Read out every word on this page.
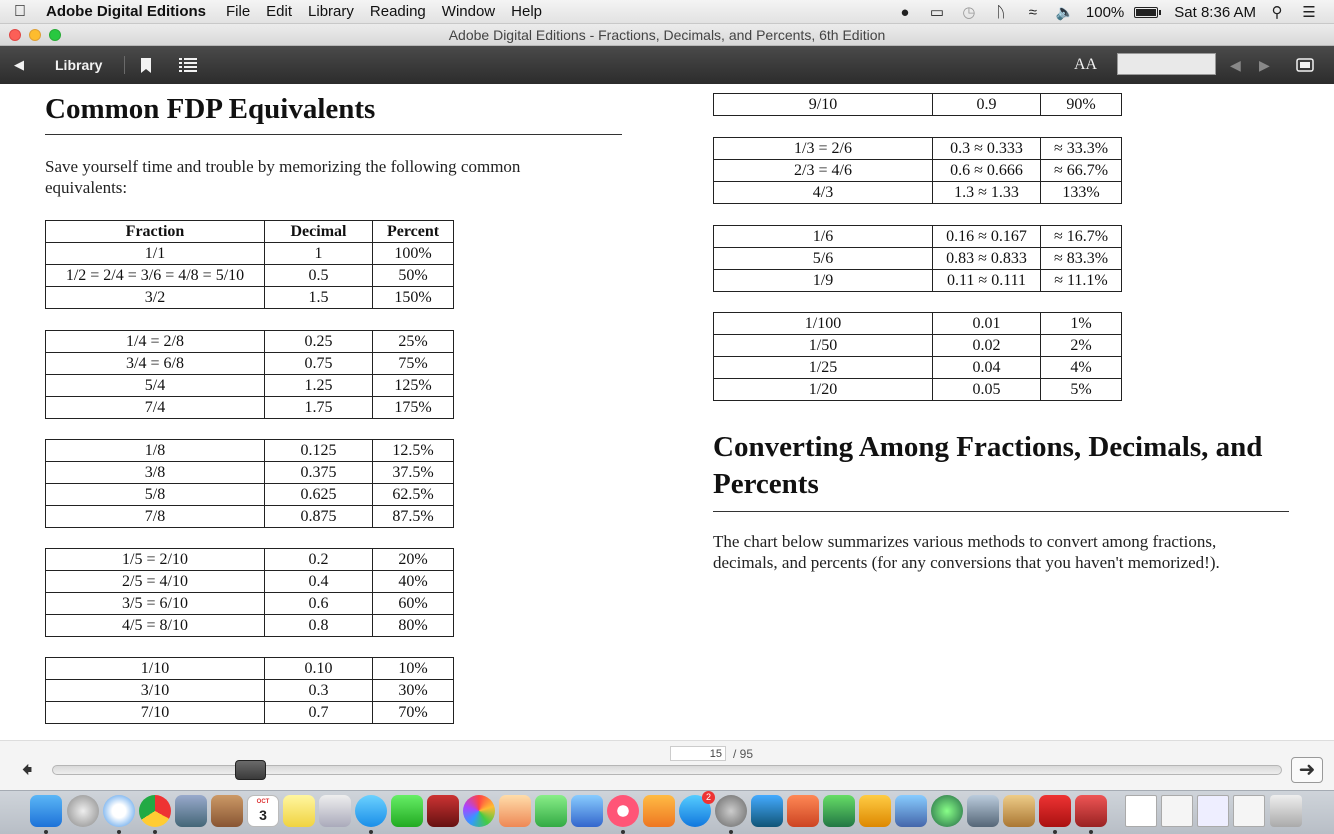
Adobe Digital Editions	File	Edit	Library	Reading	Window	Help	●	▭ ◷	ᚢ	≈	🔈 100%	Sat 8:36 AM	⚲	☰
Adobe Digital Editions - Fractions, Decimals, and Percents, 6th Edition
◀ Library	AA	◀ ▶
Common FDP Equivalents

Save yourself time and trouble by memorizing the following common equivalents:

Fraction	Decimal	Percent
1/1	1	100%
1/2 = 2/4 = 3/6 = 4/8 = 5/10	0.5	50%
3/2	1.5	150%
1/4 = 2/8	0.25	25%
3/4 = 6/8	0.75	75%
5/4	1.25	125%
7/4	1.75	175%
1/8	0.125	12.5%
3/8	0.375	37.5%
5/8	0.625	62.5%
7/8	0.875	87.5%
1/5 = 2/10	0.2	20%
2/5 = 4/10	0.4	40%
3/5 = 6/10	0.6	60%
4/5 = 8/10	0.8	80%
1/10	0.10	10%
3/10	0.3	30%
7/10	0.7	70%
9/10	0.9	90%
1/3 = 2/6	0.3 ≈ 0.333	≈ 33.3%
2/3 = 4/6	0.6 ≈ 0.666	≈ 66.7%
4/3	1.3 ≈ 1.33	133%
1/6	0.16 ≈ 0.167	≈ 16.7%
5/6	0.83 ≈ 0.833	≈ 83.3%
1/9	0.11 ≈ 0.111	≈ 11.1%
1/100	0.01	1%
1/50	0.02	2%
1/25	0.04	4%
1/20	0.05	5%
Converting Among Fractions, Decimals, and Percents

The chart below summarizes various methods to convert among fractions, decimals, and percents (for any conversions that you haven't memorized!).

15
/ 95
🠸	➜
OCT
3
2
